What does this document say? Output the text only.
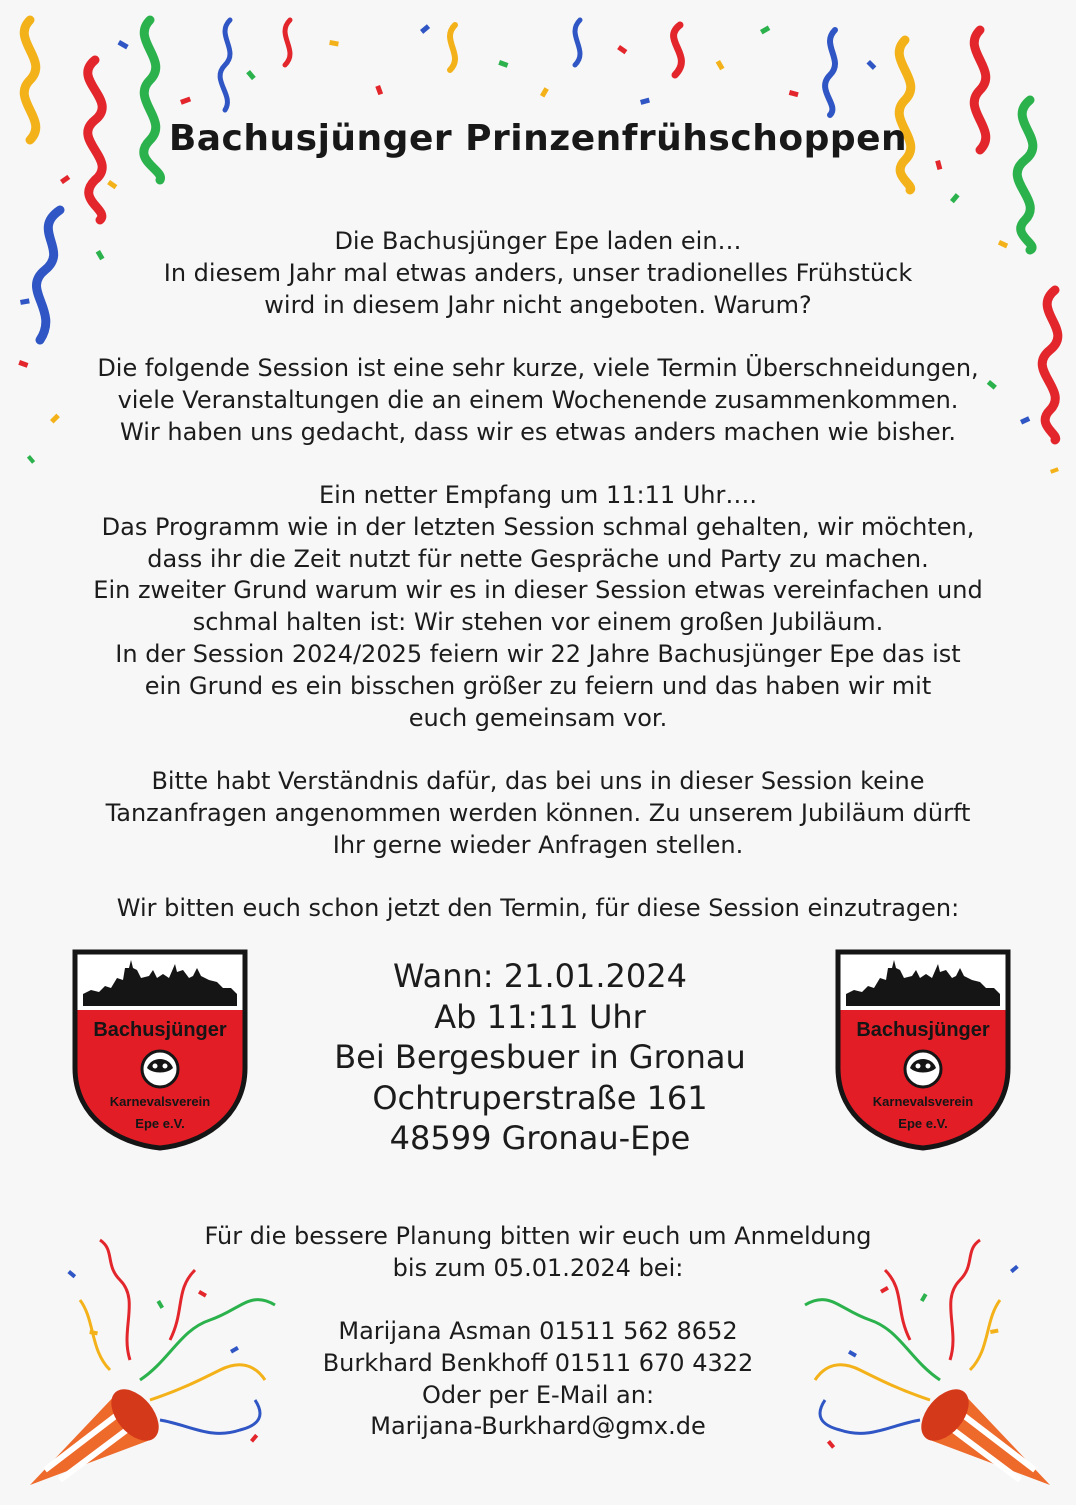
Bachusjünger Prinzenfrühschoppen
Die Bachusjünger Epe laden ein…
In diesem Jahr mal etwas anders, unser tradionelles Frühstück
wird in diesem Jahr nicht angeboten. Warum?
Die folgende Session ist eine sehr kurze, viele Termin Überschneidungen,
viele Veranstaltungen die an einem Wochenende zusammenkommen.
Wir haben uns gedacht, dass wir es etwas anders machen wie bisher.
Ein netter Empfang um 11:11 Uhr….
Das Programm wie in der letzten Session schmal gehalten, wir möchten,
dass ihr die Zeit nutzt für nette Gespräche und Party zu machen.
Ein zweiter Grund warum wir es in dieser Session etwas vereinfachen und
schmal halten ist: Wir stehen vor einem großen Jubiläum.
In der Session 2024/2025 feiern wir 22 Jahre Bachusjünger Epe das ist
ein Grund es ein bisschen größer zu feiern und das haben wir mit
euch gemeinsam vor.
Bitte habt Verständnis dafür, das bei uns in dieser Session keine
Tanzanfragen angenommen werden können. Zu unserem Jubiläum dürft
Ihr gerne wieder Anfragen stellen.
Wir bitten euch schon jetzt den Termin, für diese Session einzutragen:
Bachusjünger
Karnevalsverein
Epe e.V.
Bachusjünger
Karnevalsverein
Epe e.V.
Wann: 21.01.2024
Ab 11:11 Uhr
Bei Bergesbuer in Gronau
Ochtruperstraße 161
48599 Gronau-Epe
Für die bessere Planung bitten wir euch um Anmeldung
bis zum 05.01.2024 bei:
Marijana Asman 01511 562 8652
Burkhard Benkhoff 01511 670 4322
Oder per E-Mail an:
Marijana-Burkhard@gmx.de
